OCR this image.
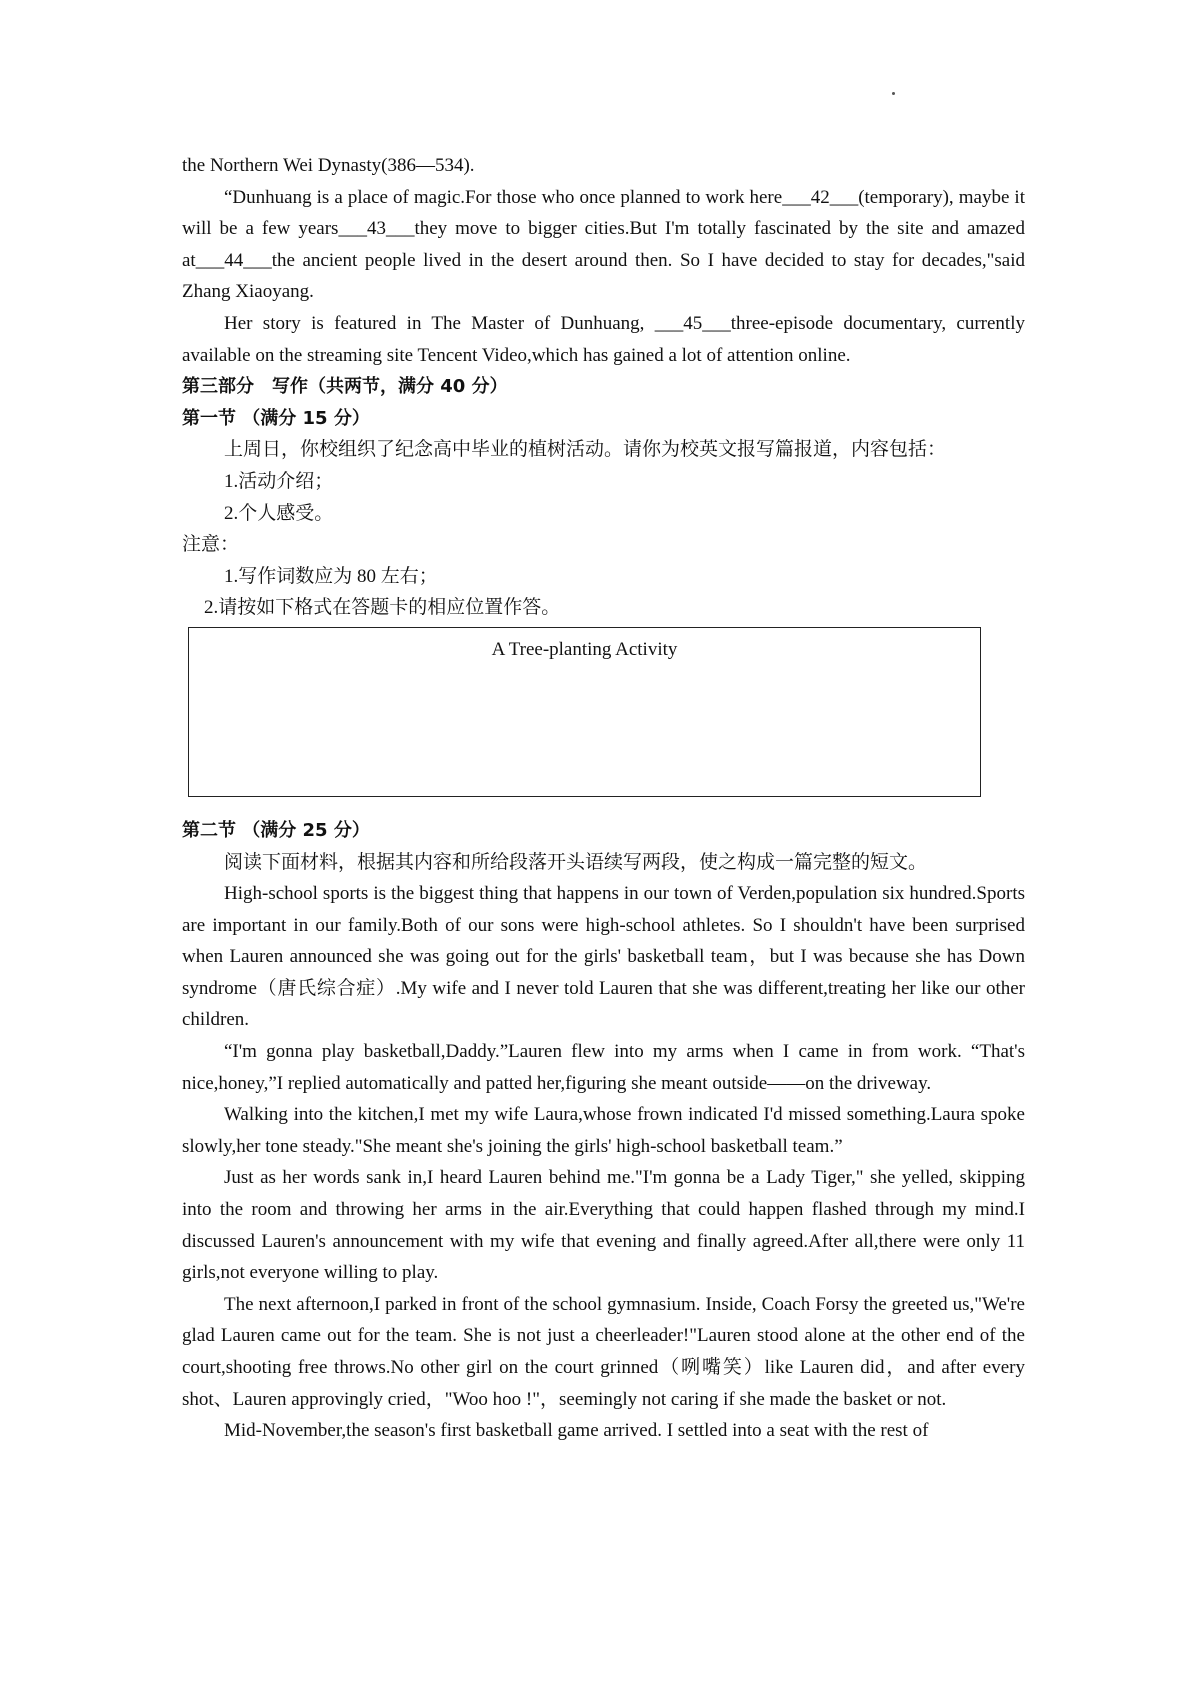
the Northern Wei Dynasty(386—534).

“Dunhuang is a place of magic.For those who once planned to work here___42___(temporary), maybe it will be a few years___43___they move to bigger cities.But I'm totally fascinated by the site and amazed at___44___the ancient people lived in the desert around then. So I have decided to stay for decades,"said Zhang Xiaoyang.

Her story is featured in The Master of Dunhuang, ___45___three-episode documentary, currently available on the streaming site Tencent Video,which has gained a lot of attention online.

第三部分　写作（共两节，满分 40 分）

第一节 （满分 15 分）

上周日，你校组织了纪念高中毕业的植树活动。请你为校英文报写篇报道，内容包括：

1.活动介绍；

2.个人感受。

注意：

1.写作词数应为 80 左右；

2.请按如下格式在答题卡的相应位置作答。

A Tree-planting Activity

第二节 （满分 25 分）

阅读下面材料，根据其内容和所给段落开头语续写两段，使之构成一篇完整的短文。

High-school sports is the biggest thing that happens in our town of Verden,population six hundred.Sports are important in our family.Both of our sons were high-school athletes. So I shouldn't have been surprised when Lauren announced she was going out for the girls' basketball team，but I was because she has Down syndrome（唐氏综合症）.My wife and I never told Lauren that she was different,treating her like our other children.

“I'm gonna play basketball,Daddy.”Lauren flew into my arms when I came in from work. “That's nice,honey,”I replied automatically and patted her,figuring she meant outside——on the driveway.

Walking into the kitchen,I met my wife Laura,whose frown indicated I'd missed something.Laura spoke slowly,her tone steady."She meant she's joining the girls' high-school basketball team.”

Just as her words sank in,I heard Lauren behind me."I'm gonna be a Lady Tiger," she yelled, skipping into the room and throwing her arms in the air.Everything that could happen flashed through my mind.I discussed Lauren's announcement with my wife that evening and finally agreed.After all,there were only 11 girls,not everyone willing to play.

The next afternoon,I parked in front of the school gymnasium. Inside, Coach Forsy the greeted us,"We're glad Lauren came out for the team. She is not just a cheerleader!"Lauren stood alone at the other end of the court,shooting free throws.No other girl on the court grinned（咧嘴笑）like Lauren did，and after every shot、Lauren approvingly cried，"Woo hoo !"，seemingly not caring if she made the basket or not.

Mid-November,the season's first basketball game arrived. I settled into a seat with the rest of
